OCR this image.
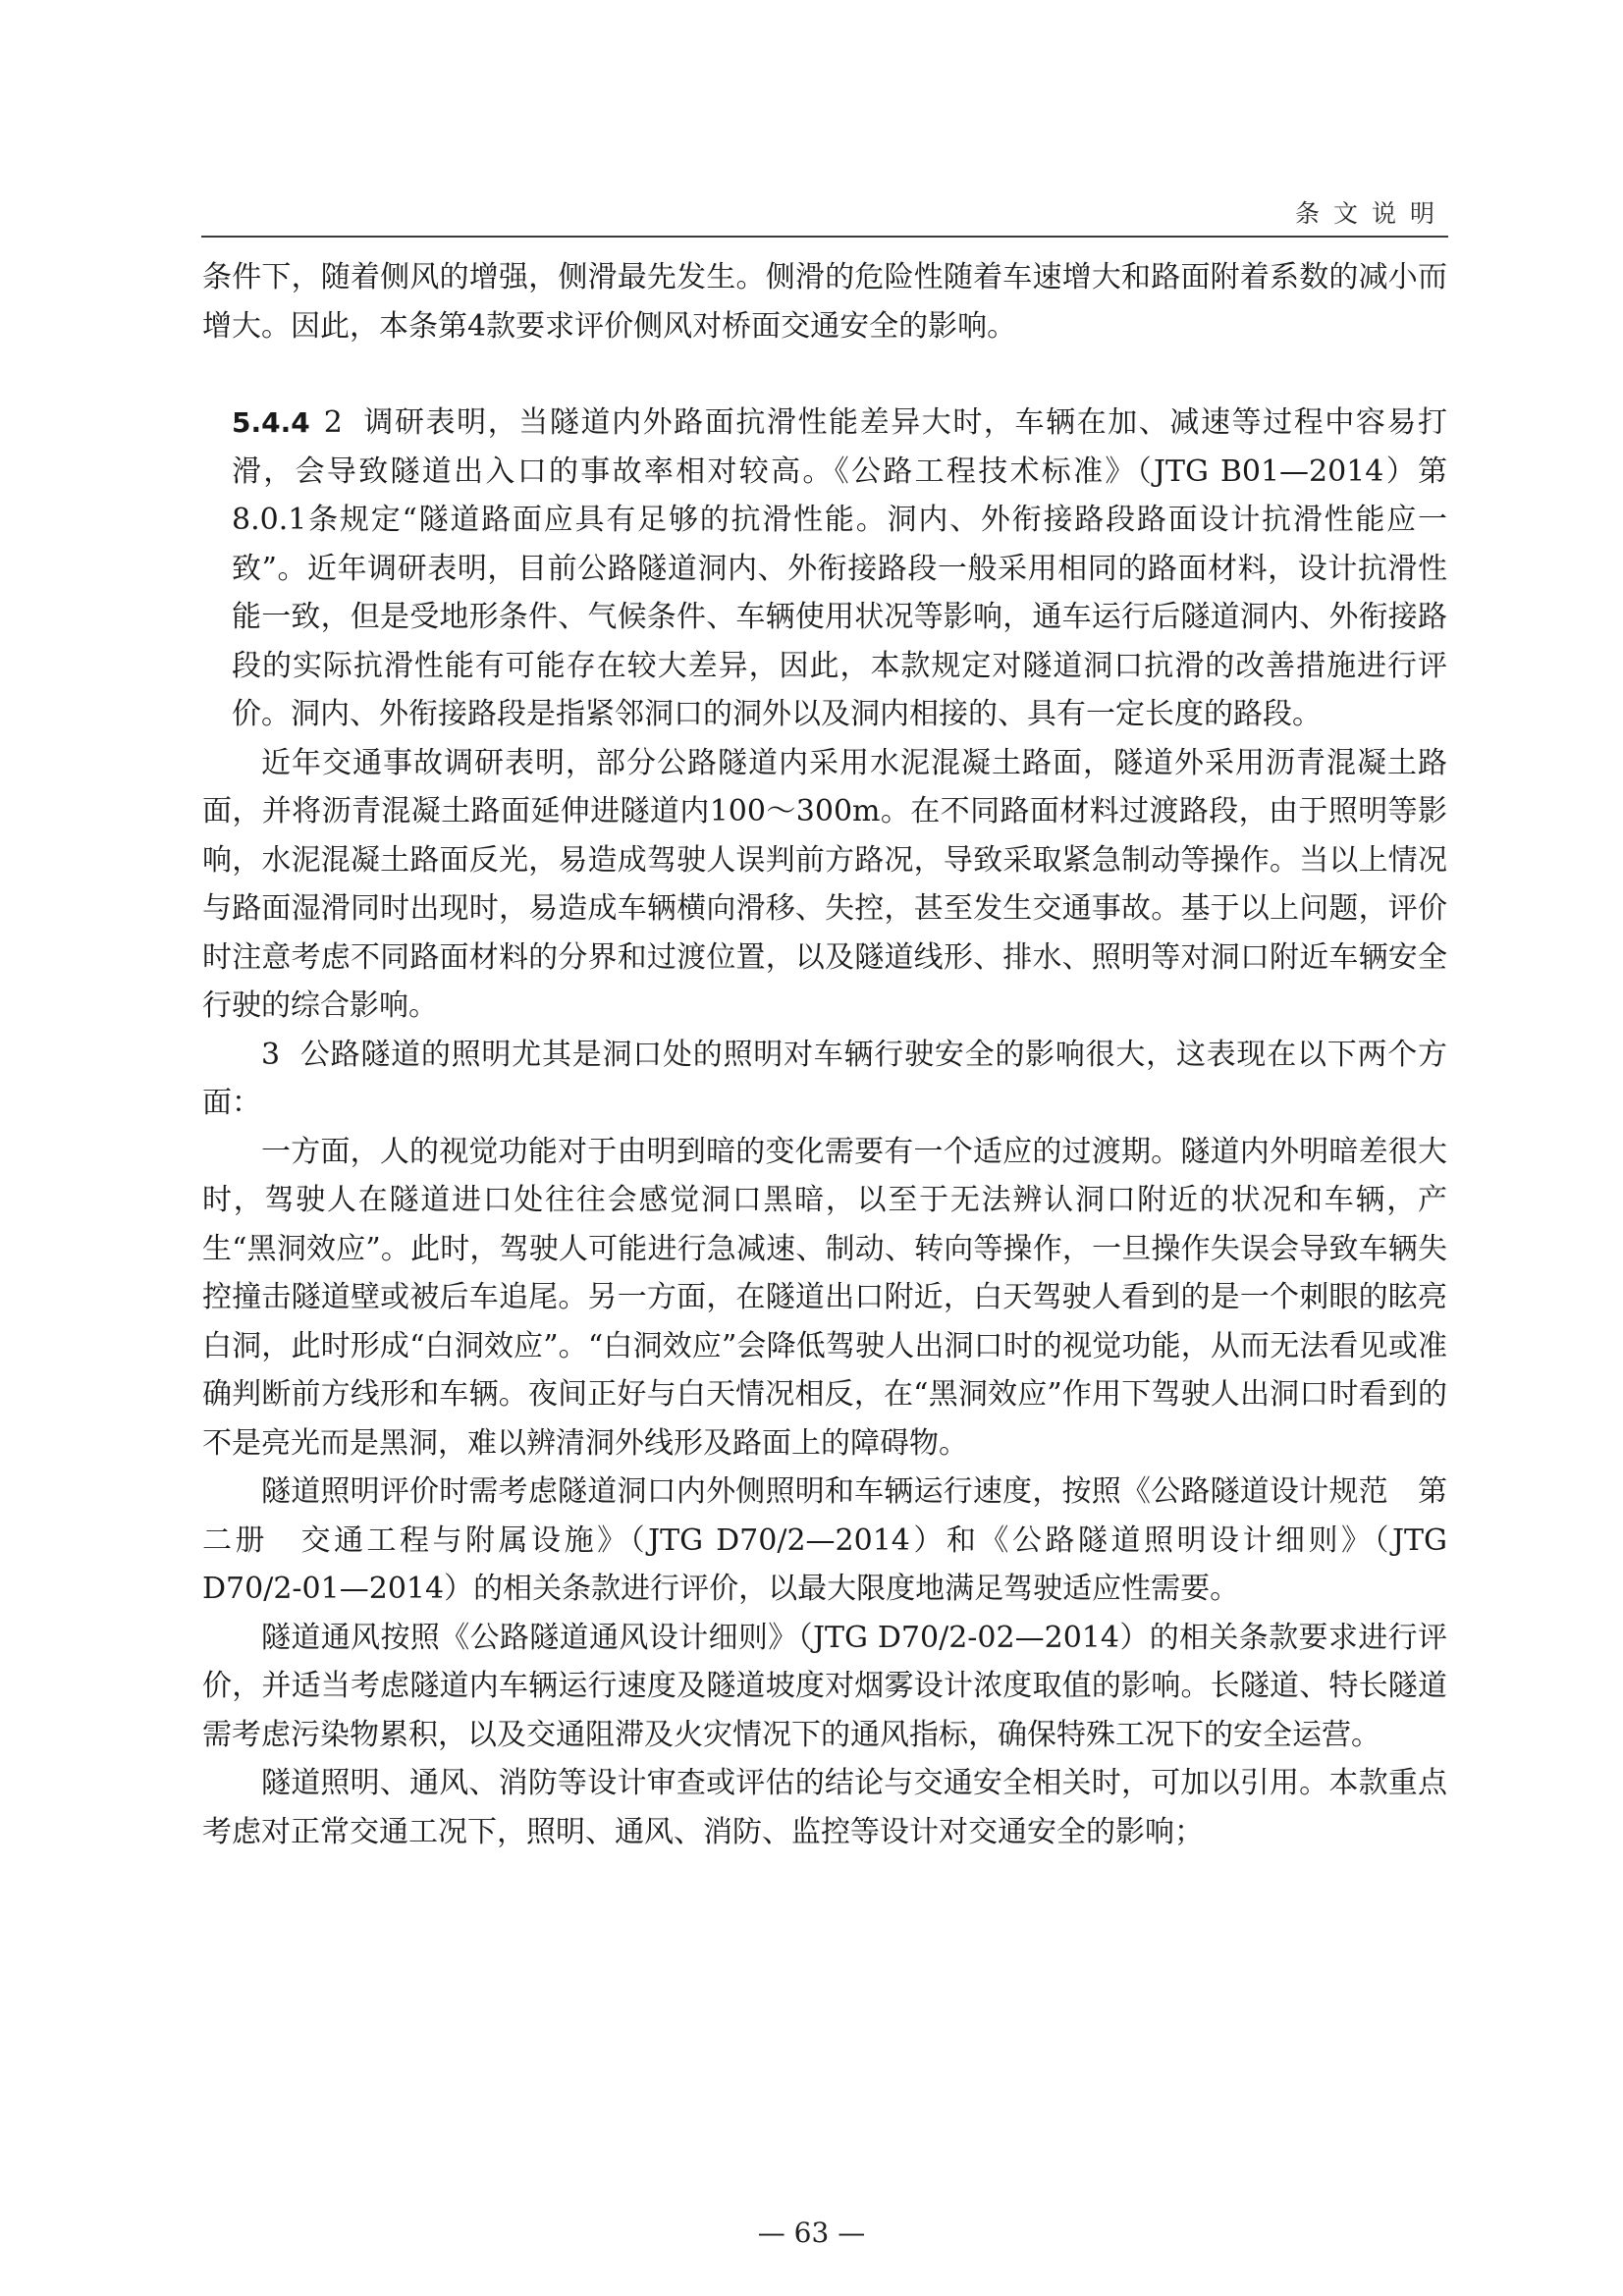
条文说明

条件下，随着侧风的增强，侧滑最先发生。侧滑的危险性随着车速增大和路面附着系数的减小而增大。因此，本条第4款要求评价侧风对桥面交通安全的影响。

5.4.4 2 调研表明，当隧道内外路面抗滑性能差异大时，车辆在加、减速等过程中容易打滑，会导致隧道出入口的事故率相对较高。《公路工程技术标准》（JTG B01—2014）第8.0.1条规定“隧道路面应具有足够的抗滑性能。洞内、外衔接路段路面设计抗滑性能应一致”。近年调研表明，目前公路隧道洞内、外衔接路段一般采用相同的路面材料，设计抗滑性能一致，但是受地形条件、气候条件、车辆使用状况等影响，通车运行后隧道洞内、外衔接路段的实际抗滑性能有可能存在较大差异，因此，本款规定对隧道洞口抗滑的改善措施进行评价。洞内、外衔接路段是指紧邻洞口的洞外以及洞内相接的、具有一定长度的路段。

近年交通事故调研表明，部分公路隧道内采用水泥混凝土路面，隧道外采用沥青混凝土路面，并将沥青混凝土路面延伸进隧道内100～300m。在不同路面材料过渡路段，由于照明等影响，水泥混凝土路面反光，易造成驾驶人误判前方路况，导致采取紧急制动等操作。当以上情况与路面湿滑同时出现时，易造成车辆横向滑移、失控，甚至发生交通事故。基于以上问题，评价时注意考虑不同路面材料的分界和过渡位置，以及隧道线形、排水、照明等对洞口附近车辆安全行驶的综合影响。

3 公路隧道的照明尤其是洞口处的照明对车辆行驶安全的影响很大，这表现在以下两个方面：

一方面，人的视觉功能对于由明到暗的变化需要有一个适应的过渡期。隧道内外明暗差很大时，驾驶人在隧道进口处往往会感觉洞口黑暗，以至于无法辨认洞口附近的状况和车辆，产生“黑洞效应”。此时，驾驶人可能进行急减速、制动、转向等操作，一旦操作失误会导致车辆失控撞击隧道壁或被后车追尾。另一方面，在隧道出口附近，白天驾驶人看到的是一个刺眼的眩亮白洞，此时形成“白洞效应”。“白洞效应”会降低驾驶人出洞口时的视觉功能，从而无法看见或准确判断前方线形和车辆。夜间正好与白天情况相反，在“黑洞效应”作用下驾驶人出洞口时看到的不是亮光而是黑洞，难以辨清洞外线形及路面上的障碍物。

隧道照明评价时需考虑隧道洞口内外侧照明和车辆运行速度，按照《公路隧道设计规范　第二册　交通工程与附属设施》（JTG D70/2—2014）和《公路隧道照明设计细则》（JTG D70/2-01—2014）的相关条款进行评价，以最大限度地满足驾驶适应性需要。

隧道通风按照《公路隧道通风设计细则》（JTG D70/2-02—2014）的相关条款要求进行评价，并适当考虑隧道内车辆运行速度及隧道坡度对烟雾设计浓度取值的影响。长隧道、特长隧道需考虑污染物累积，以及交通阻滞及火灾情况下的通风指标，确保特殊工况下的安全运营。

隧道照明、通风、消防等设计审查或评估的结论与交通安全相关时，可加以引用。本款重点考虑对正常交通工况下，照明、通风、消防、监控等设计对交通安全的影响；

— 63 —
